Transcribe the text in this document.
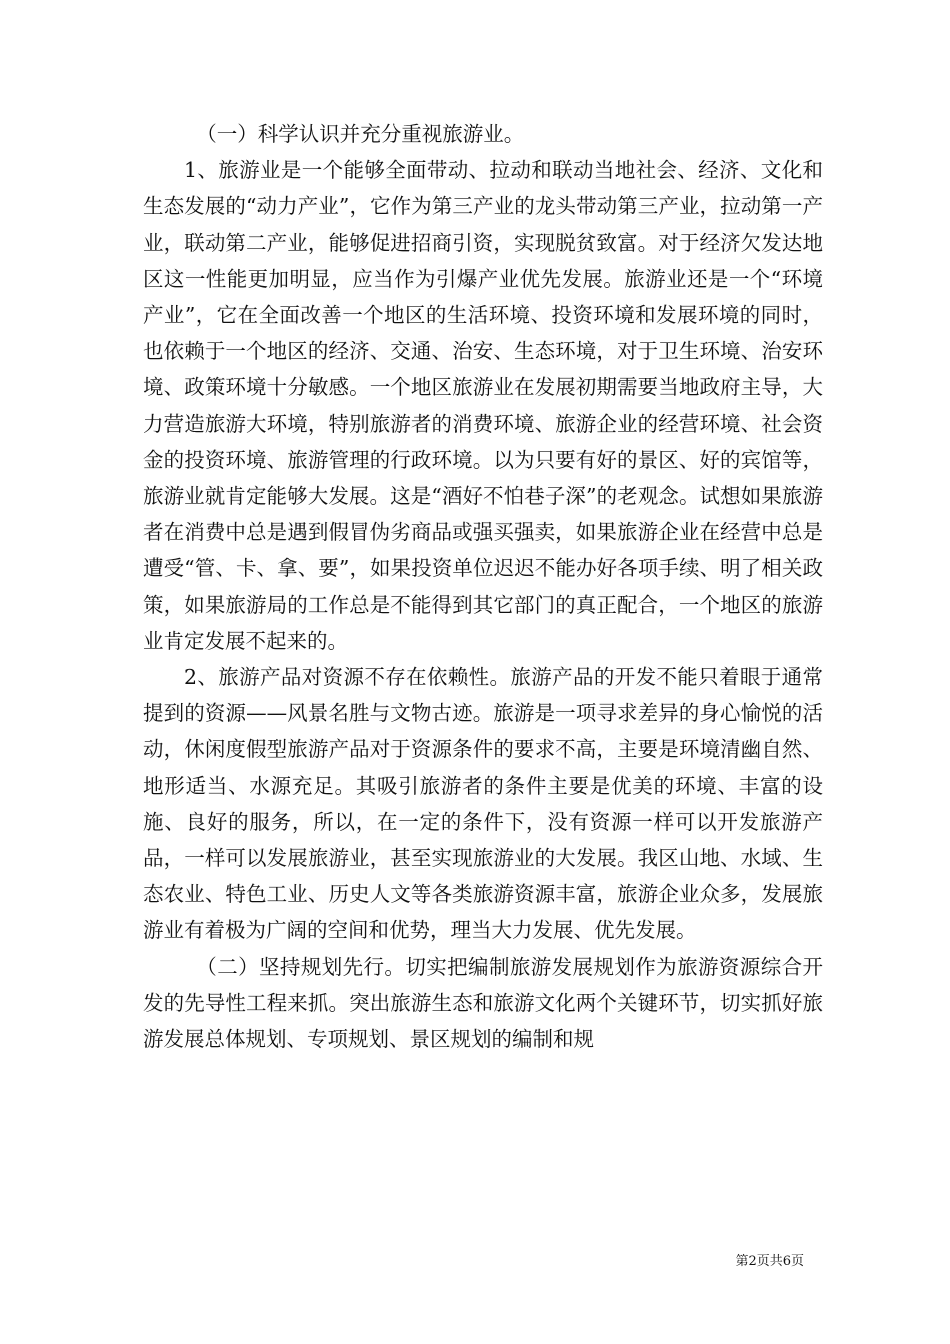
（一）科学认识并充分重视旅游业。

1、旅游业是一个能够全面带动、拉动和联动当地社会、经济、文化和生态发展的“动力产业”，它作为第三产业的龙头带动第三产业，拉动第一产业，联动第二产业，能够促进招商引资，实现脱贫致富。对于经济欠发达地区这一性能更加明显，应当作为引爆产业优先发展。旅游业还是一个“环境产业”，它在全面改善一个地区的生活环境、投资环境和发展环境的同时，也依赖于一个地区的经济、交通、治安、生态环境，对于卫生环境、治安环境、政策环境十分敏感。一个地区旅游业在发展初期需要当地政府主导，大力营造旅游大环境，特别旅游者的消费环境、旅游企业的经营环境、社会资金的投资环境、旅游管理的行政环境。以为只要有好的景区、好的宾馆等，旅游业就肯定能够大发展。这是“酒好不怕巷子深”的老观念。试想如果旅游者在消费中总是遇到假冒伪劣商品或强买强卖，如果旅游企业在经营中总是遭受“管、卡、拿、要”，如果投资单位迟迟不能办好各项手续、明了相关政策，如果旅游局的工作总是不能得到其它部门的真正配合，一个地区的旅游业肯定发展不起来的。

2、旅游产品对资源不存在依赖性。旅游产品的开发不能只着眼于通常提到的资源——风景名胜与文物古迹。旅游是一项寻求差异的身心愉悦的活动，休闲度假型旅游产品对于资源条件的要求不高，主要是环境清幽自然、地形适当、水源充足。其吸引旅游者的条件主要是优美的环境、丰富的设施、良好的服务，所以，在一定的条件下，没有资源一样可以开发旅游产品，一样可以发展旅游业，甚至实现旅游业的大发展。我区山地、水域、生态农业、特色工业、历史人文等各类旅游资源丰富，旅游企业众多，发展旅游业有着极为广阔的空间和优势，理当大力发展、优先发展。

（二）坚持规划先行。切实把编制旅游发展规划作为旅游资源综合开发的先导性工程来抓。突出旅游生态和旅游文化两个关键环节，切实抓好旅游发展总体规划、专项规划、景区规划的编制和规

第2页共6页
